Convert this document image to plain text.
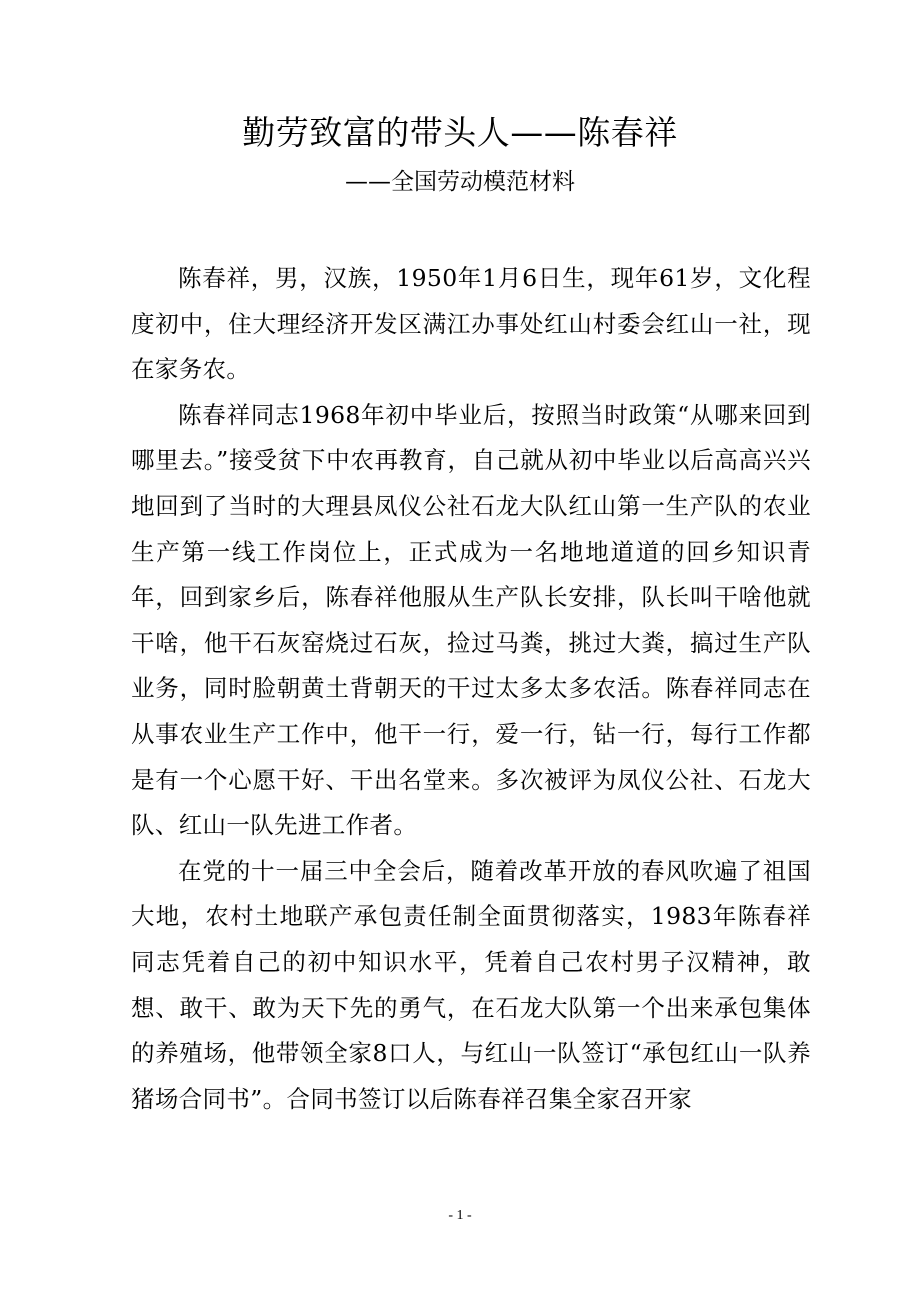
勤劳致富的带头人——陈春祥
——全国劳动模范材料

陈春祥，男，汉族，1950年1月6日生，现年61岁，文化程度初中，住大理经济开发区满江办事处红山村委会红山一社，现在家务农。

陈春祥同志1968年初中毕业后，按照当时政策“从哪来回到哪里去。”接受贫下中农再教育，自己就从初中毕业以后高高兴兴地回到了当时的大理县凤仪公社石龙大队红山第一生产队的农业生产第一线工作岗位上，正式成为一名地地道道的回乡知识青年，回到家乡后，陈春祥他服从生产队长安排，队长叫干啥他就干啥，他干石灰窑烧过石灰，捡过马粪，挑过大粪，搞过生产队业务，同时脸朝黄土背朝天的干过太多太多农活。陈春祥同志在从事农业生产工作中，他干一行，爱一行，钻一行，每行工作都是有一个心愿干好、干出名堂来。多次被评为凤仪公社、石龙大队、红山一队先进工作者。

在党的十一届三中全会后，随着改革开放的春风吹遍了祖国大地，农村土地联产承包责任制全面贯彻落实，1983年陈春祥同志凭着自己的初中知识水平，凭着自己农村男子汉精神，敢想、敢干、敢为天下先的勇气，在石龙大队第一个出来承包集体的养殖场，他带领全家8口人，与红山一队签订“承包红山一队养猪场合同书”。合同书签订以后陈春祥召集全家召开家

- 1 -
